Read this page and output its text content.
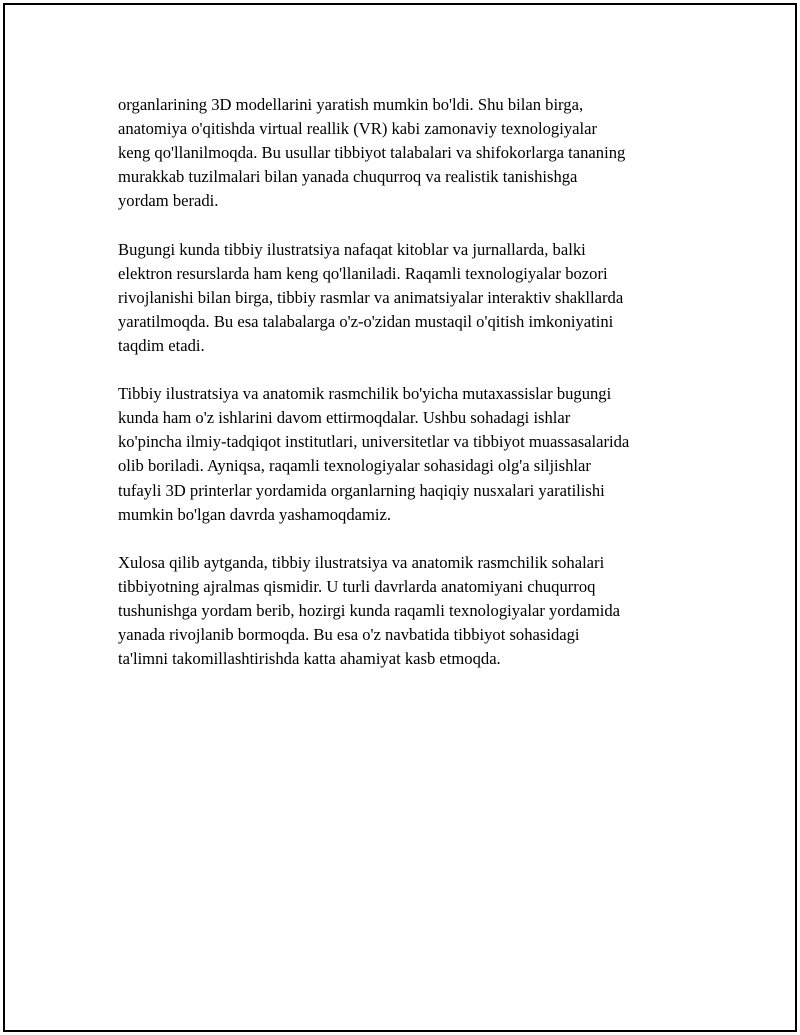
organlarining 3D modellarini yaratish mumkin bo'ldi. Shu bilan birga,
anatomiya o'qitishda virtual reallik (VR) kabi zamonaviy texnologiyalar
keng qo'llanilmoqda. Bu usullar tibbiyot talabalari va shifokorlarga tananing
murakkab tuzilmalari bilan yanada chuqurroq va realistik tanishishga
yordam beradi.

Bugungi kunda tibbiy ilustratsiya nafaqat kitoblar va jurnallarda, balki
elektron resurslarda ham keng qo'llaniladi. Raqamli texnologiyalar bozori
rivojlanishi bilan birga, tibbiy rasmlar va animatsiyalar interaktiv shakllarda
yaratilmoqda. Bu esa talabalarga o'z-o'zidan mustaqil o'qitish imkoniyatini
taqdim etadi.

Tibbiy ilustratsiya va anatomik rasmchilik bo'yicha mutaxassislar bugungi
kunda ham o'z ishlarini davom ettirmoqdalar. Ushbu sohadagi ishlar
ko'pincha ilmiy-tadqiqot institutlari, universitetlar va tibbiyot muassasalarida
olib boriladi. Ayniqsa, raqamli texnologiyalar sohasidagi olg'a siljishlar
tufayli 3D printerlar yordamida organlarning haqiqiy nusxalari yaratilishi
mumkin bo'lgan davrda yashamoqdamiz.

Xulosa qilib aytganda, tibbiy ilustratsiya va anatomik rasmchilik sohalari
tibbiyotning ajralmas qismidir. U turli davrlarda anatomiyani chuqurroq
tushunishga yordam berib, hozirgi kunda raqamli texnologiyalar yordamida
yanada rivojlanib bormoqda. Bu esa o'z navbatida tibbiyot sohasidagi
ta'limni takomillashtirishda katta ahamiyat kasb etmoqda.
